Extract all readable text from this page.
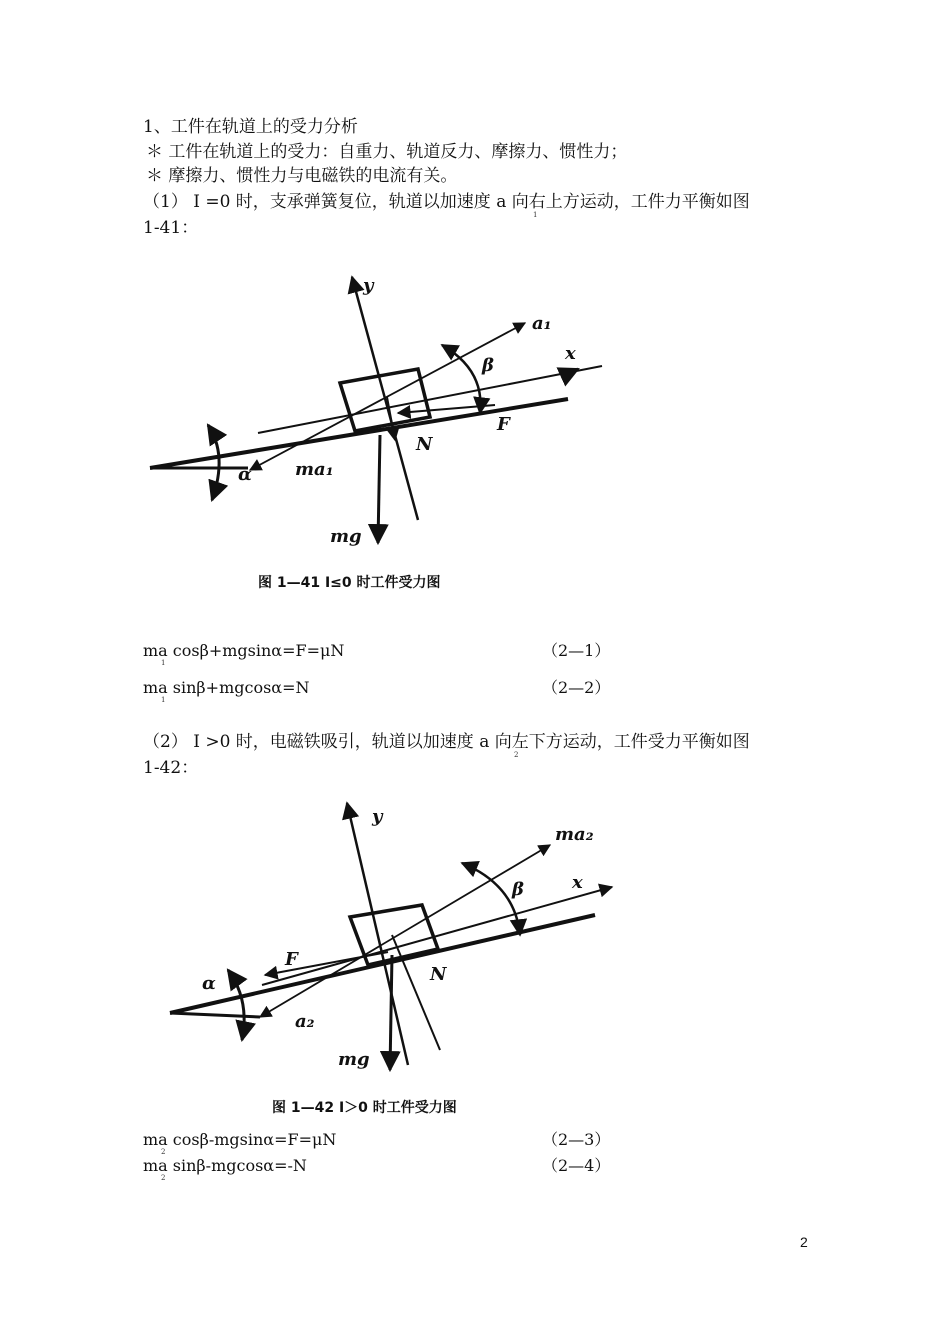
1、工件在轨道上的受力分析
＊ 工件在轨道上的受力：自重力、轨道反力、摩擦力、惯性力；
＊ 摩擦力、惯性力与电磁铁的电流有关。
（1） I =0 时，支承弹簧复位，轨道以加速度 a 向右上方运动，工件力平衡如图
1
1-41：
y
x
a₁
β
F
N
α ma₁
mg
图 1—41 I≤0 时工件受力图
ma cosβ+mgsinα=F=μN
1
（2—1）
ma sinβ+mgcosα=N
1
（2—2）
（2） I >0 时，电磁铁吸引，轨道以加速度 a 向左下方运动，工件受力平衡如图
2
1-42：
y
x
ma₂
β
F
N
α
a₂
mg
图 1—42 I＞0 时工件受力图
ma cosβ-mgsinα=F=μN
2
（2—3）
ma sinβ-mgcosα=-N
2
（2—4）
2
